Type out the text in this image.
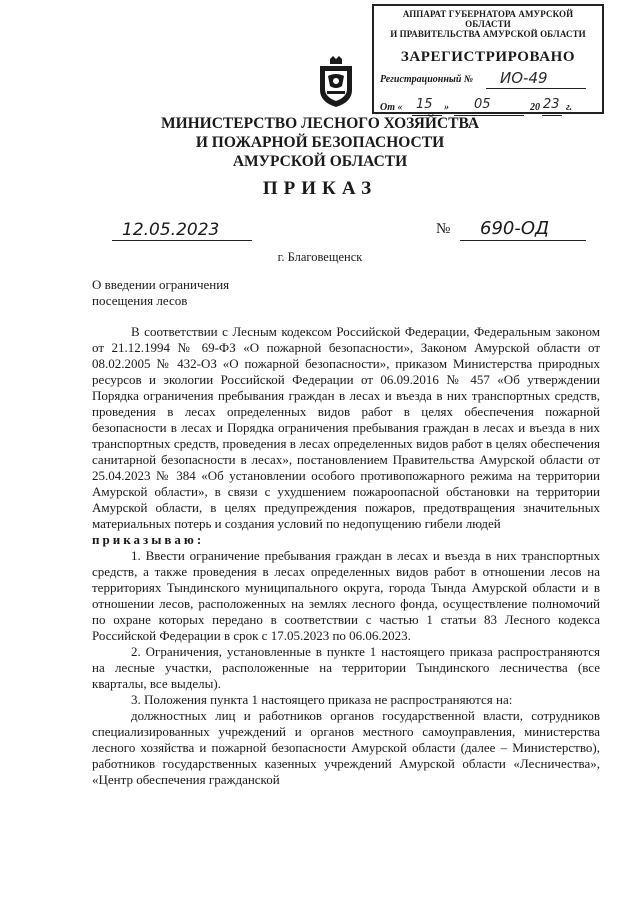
АППАРАТ ГУБЕРНАТОРА АМУРСКОЙ ОБЛАСТИ
И ПРАВИТЕЛЬСТВА АМУРСКОЙ ОБЛАСТИ
ЗАРЕГИСТРИРОВАНО
Регистрационный № ИО-49
От « 15 » 05	20 23 г.
МИНИСТЕРСТВО ЛЕСНОГО ХОЗЯЙСТВА
И ПОЖАРНОЙ БЕЗОПАСНОСТИ
АМУРСКОЙ ОБЛАСТИ
ПРИКАЗ
12.05.2023	№ 690-ОД
г. Благовещенск
О введении ограничения
посещения лесов

В соответствии с Лесным кодексом Российской Федерации, Федеральным законом от 21.12.1994 № 69-ФЗ «О пожарной безопасности», Законом Амурской области от 08.02.2005 № 432-ОЗ «О пожарной безопасности», приказом Министерства природных ресурсов и экологии Российской Федерации от 06.09.2016 № 457 «Об утверждении Порядка ограничения пребывания граждан в лесах и въезда в них транспортных средств, проведения в лесах определенных видов работ в целях обеспечения пожарной безопасности в лесах и Порядка ограничения пребывания граждан в лесах и въезда в них транспортных средств, проведения в лесах определенных видов работ в целях обеспечения санитарной безопасности в лесах», постановлением Правительства Амурской области от 25.04.2023 № 384 «Об установлении особого противопожарного режима на территории Амурской области», в связи с ухудшением пожароопасной обстановки на территории Амурской области, в целях предупреждения пожаров, предотвращения значительных материальных потерь и создания условий по недопущению гибели людей

приказываю:

1. Ввести ограничение пребывания граждан в лесах и въезда в них транспортных средств, а также проведения в лесах определенных видов работ в отношении лесов на территориях Тындинского муниципального округа, города Тында Амурской области и в отношении лесов, расположенных на землях лесного фонда, осуществление полномочий по охране которых передано в соответствии с частью 1 статьи 83 Лесного кодекса Российской Федерации в срок с 17.05.2023 по 06.06.2023.

2. Ограничения, установленные в пункте 1 настоящего приказа распространяются на лесные участки, расположенные на территории Тындинского лесничества (все кварталы, все выделы).

3. Положения пункта 1 настоящего приказа не распространяются на:

должностных лиц и работников органов государственной власти, сотрудников специализированных учреждений и органов местного самоуправления, министерства лесного хозяйства и пожарной безопасности Амурской области (далее – Министерство), работников государственных казенных учреждений Амурской области «Лесничества», «Центр обеспечения гражданской
